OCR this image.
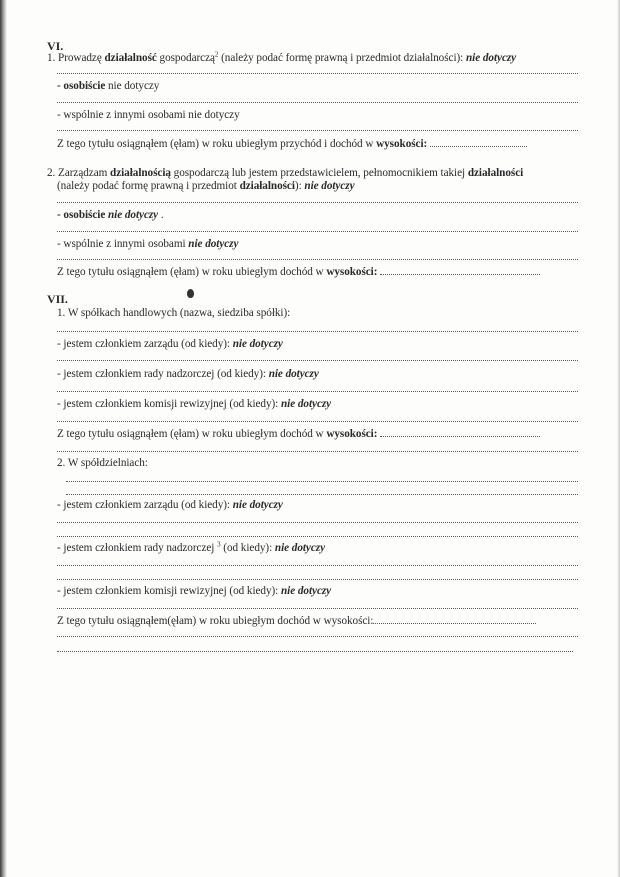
VI.
1. Prowadzę działalność gospodarczą$^2$ (należy podać formę prawną i przedmiot działalności): nie dotyczy
- osobiście nie dotyczy
- wspólnie z innymi osobami nie dotyczy
Z tego tytułu osiągnąłem (ęłam) w roku ubiegłym przychód i dochód w wysokości:
2. Zarządzam działalnością gospodarczą lub jestem przedstawicielem, pełnomocnikiem takiej działalności
(należy podać formę prawną i przedmiot działalności): nie dotyczy
- osobiście nie dotyczy .
- wspólnie z innymi osobami nie dotyczy
Z tego tytułu osiągnąłem (ęłam) w roku ubiegłym dochód w wysokości:
VII.
1. W spółkach handlowych (nazwa, siedziba spółki):
- jestem członkiem zarządu (od kiedy): nie dotyczy
- jestem członkiem rady nadzorczej (od kiedy): nie dotyczy
- jestem członkiem komisji rewizyjnej (od kiedy): nie dotyczy
Z tego tytułu osiągnąłem (ęłam) w roku ubiegłym dochód w wysokości:
2. W spółdzielniach:
- jestem członkiem zarządu (od kiedy): nie dotyczy
- jestem członkiem rady nadzorczej $^3$ (od kiedy): nie dotyczy
- jestem członkiem komisji rewizyjnej (od kiedy): nie dotyczy
Z tego tytułu osiągnąłem(ęłam) w roku ubiegłym dochód w wysokości:
